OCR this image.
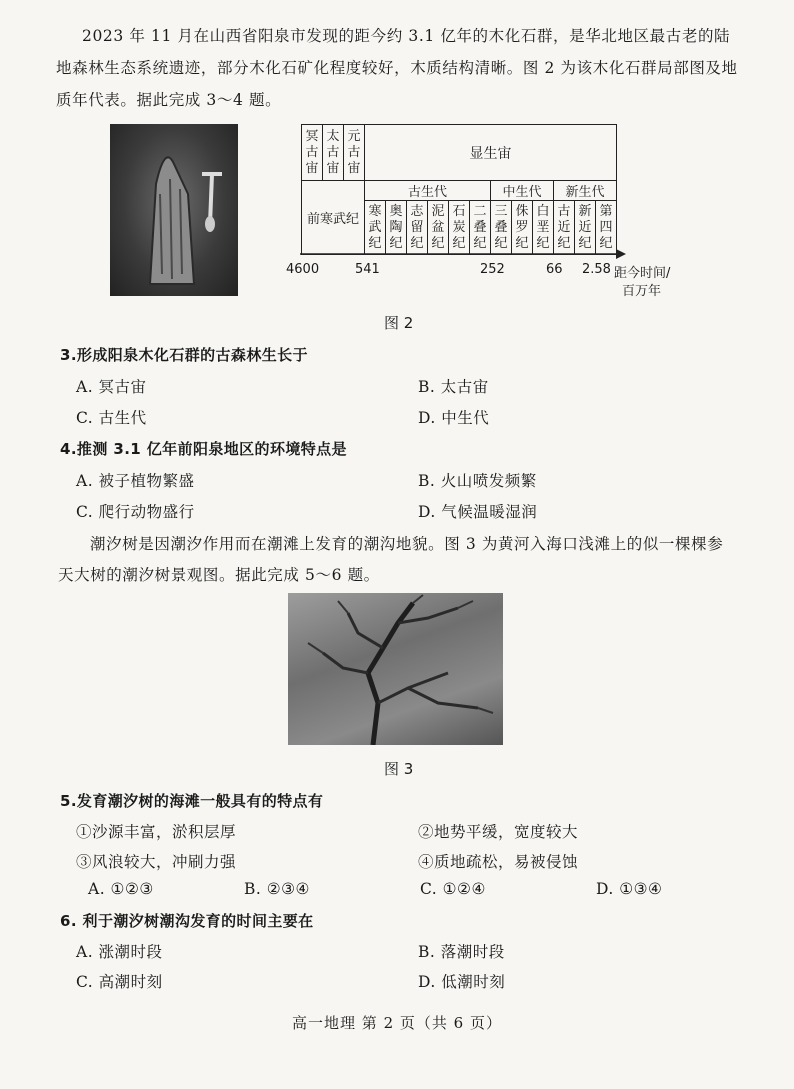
2023 年 11 月在山西省阳泉市发现的距今约 3.1 亿年的木化石群，是华北地区最古老的陆
地森林生态系统遗迹，部分木化石矿化程度较好，木质结构清晰。图 2 为该木化石群局部图及地
质年代表。据此完成 3～4 题。
冥
古
宙	太
古
宙	元
古
宙	显生宙											
前寒武纪			古生代						中生代			新生代		
			寒
武
纪	奥
陶
纪	志
留
纪	泥
盆
纪	石
炭
纪	二
叠
纪	三
叠
纪	侏
罗
纪	白
垩
纪	古
近
纪	新
近
纪	第
四
纪
4600	541	252	66 2.58 距今时间/
百万年
图 2
3.形成阳泉木化石群的古森林生长于
A. 冥古宙	B. 太古宙
C. 古生代	D. 中生代
4.推测 3.1 亿年前阳泉地区的环境特点是
A. 被子植物繁盛	B. 火山喷发频繁
C. 爬行动物盛行	D. 气候温暖湿润
潮汐树是因潮汐作用而在潮滩上发育的潮沟地貌。图 3 为黄河入海口浅滩上的似一棵棵参
天大树的潮汐树景观图。据此完成 5～6 题。
图 3
5.发育潮汐树的海滩一般具有的特点有
①沙源丰富，淤积层厚	②地势平缓，宽度较大
③风浪较大，冲刷力强	④质地疏松，易被侵蚀
A. ①②③	B. ②③④	C. ①②④	D. ①③④
6. 利于潮汐树潮沟发育的时间主要在
A. 涨潮时段	B. 落潮时段
C. 高潮时刻	D. 低潮时刻
高一地理 第 2 页（共 6 页）
